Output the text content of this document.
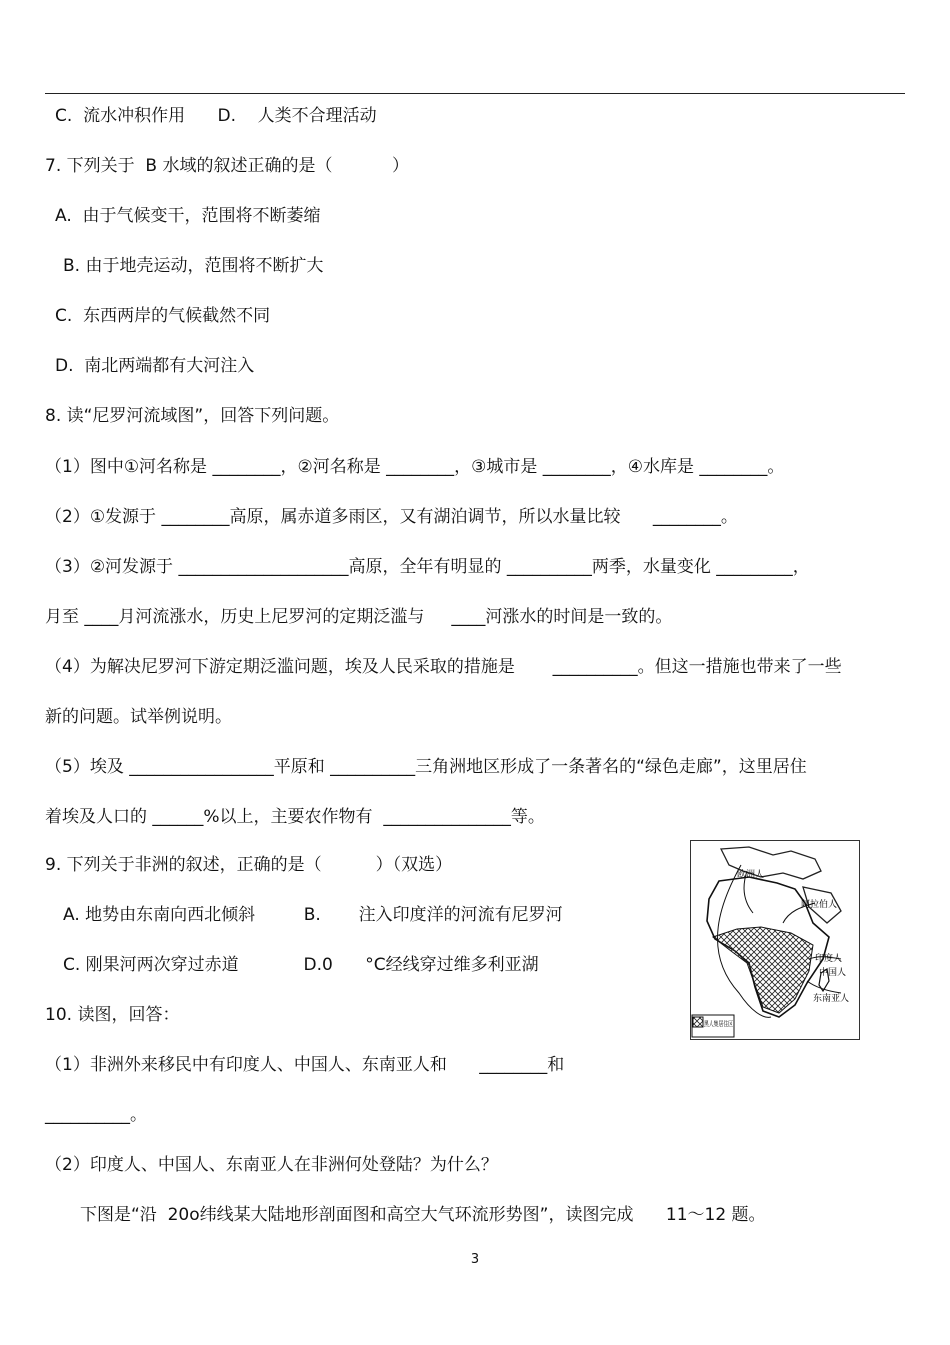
C.  流水冲积作用      D.    人类不合理活动
7. 下列关于  B 水域的叙述正确的是（           ）
A.  由于气候变干，范围将不断萎缩
B. 由于地壳运动，范围将不断扩大
C.  东西两岸的气候截然不同
D.  南北两端都有大河注入
8. 读“尼罗河流域图”，回答下列问题。
（1）图中①河名称是 ________，②河名称是 ________，③城市是 ________，④水库是 ________。
（2）①发源于 ________高原，属赤道多雨区，又有湖泊调节，所以水量比较      ________。
（3）②河发源于 ____________________高原，全年有明显的 __________两季，水量变化 _________，
月至 ____月河流涨水，历史上尼罗河的定期泛滥与     ____河涨水的时间是一致的。
（4）为解决尼罗河下游定期泛滥问题，埃及人民采取的措施是       __________。但这一措施也带来了一些
新的问题。试举例说明。
（5）埃及 _________________平原和 __________三角洲地区形成了一条著名的“绿色走廊”，这里居住
着埃及人口的 ______%以上，主要农作物有  _______________等。
9. 下列关于非洲的叙述，正确的是（          ）（双选）
A. 地势由东南向西北倾斜         B.       注入印度洋的河流有尼罗河
C. 刚果河两次穿过赤道            D.0      °C经线穿过维多利亚湖
10. 读图，回答：
（1）非洲外来移民中有印度人、中国人、东南亚人和      ________和
__________。
（2）印度人、中国人、东南亚人在非洲何处登陆？为什么？
下图是“沿  20o纬线某大陆地形剖面图和高空大气环流形势图”，读图完成      11～12 题。
欧洲人
阿拉伯人
印度人
中国人
东南亚人
黑人集居住区
3
